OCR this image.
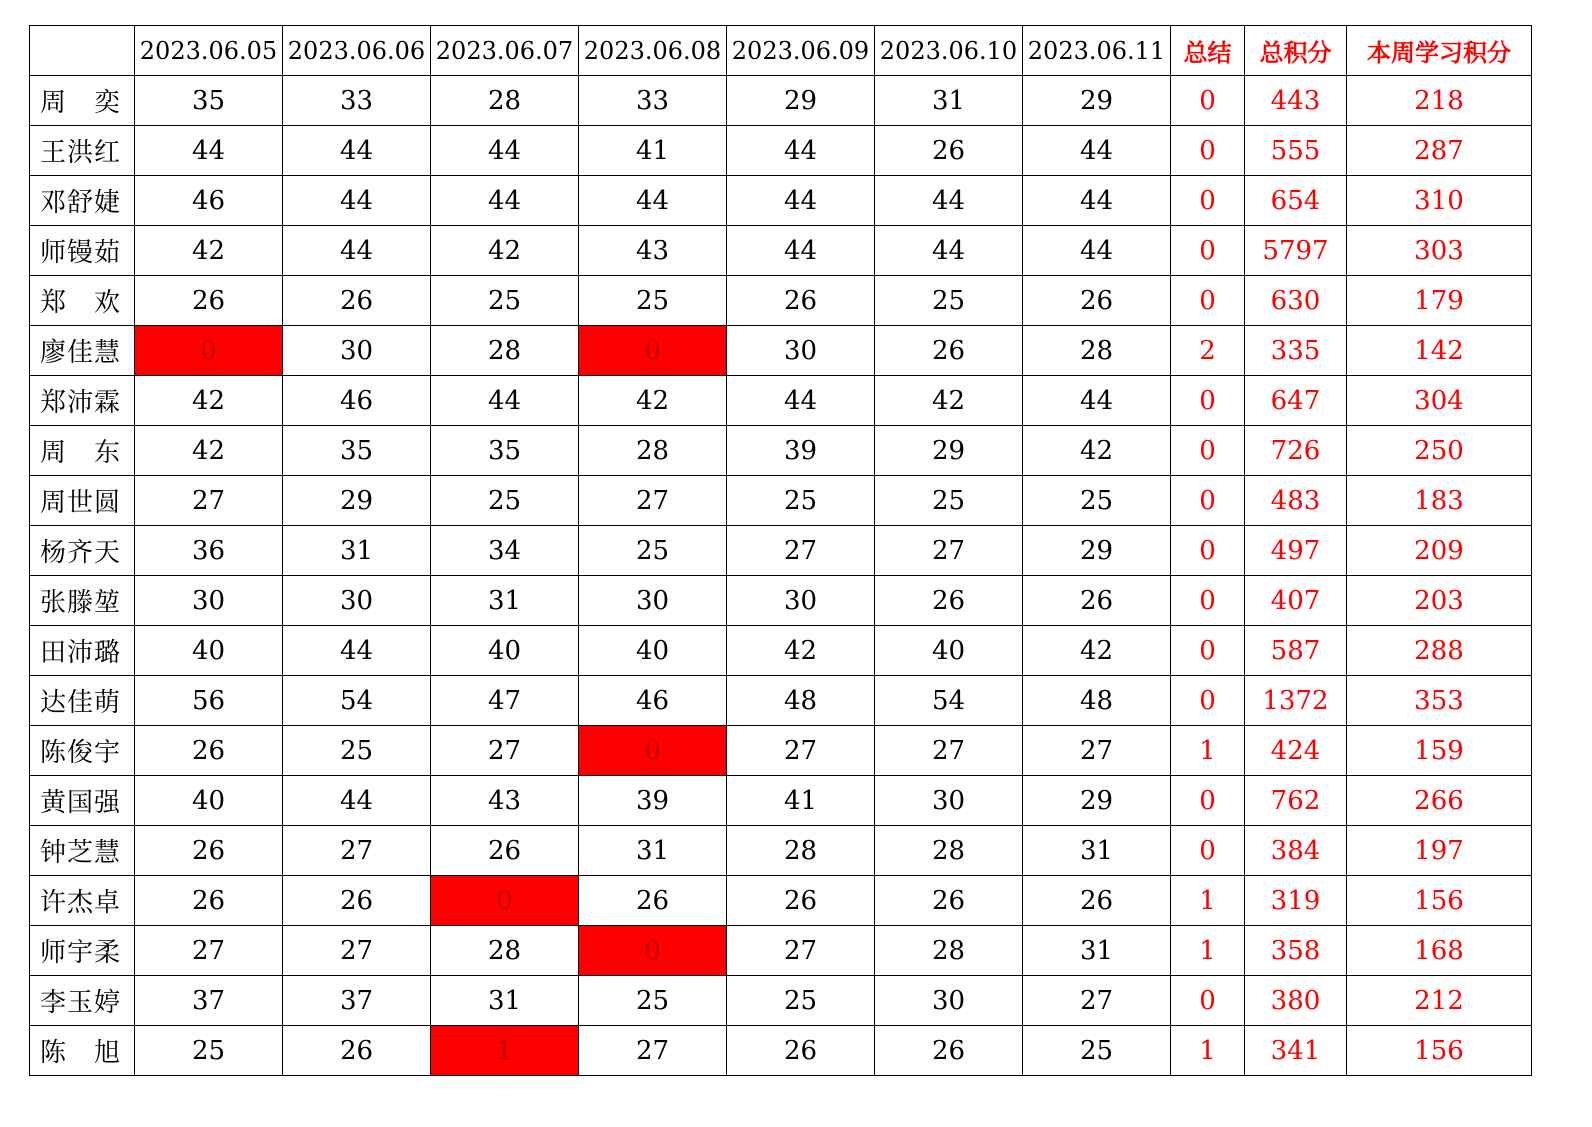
	2023.06.05	2023.06.06	2023.06.07	2023.06.08	2023.06.09	2023.06.10	2023.06.11	总结	总积分	本周学习积分
周　奕	35	33	28	33	29	31	29	0	443	218
王洪红	44	44	44	41	44	26	44	0	555	287
邓舒婕	46	44	44	44	44	44	44	0	654	310
师镘茹	42	44	42	43	44	44	44	0	5797	303
郑　欢	26	26	25	25	26	25	26	0	630	179
廖佳慧	0	30	28	0	30	26	28	2	335	142
郑沛霖	42	46	44	42	44	42	44	0	647	304
周　东	42	35	35	28	39	29	42	0	726	250
周世圆	27	29	25	27	25	25	25	0	483	183
杨齐天	36	31	34	25	27	27	29	0	497	209
张滕堃	30	30	31	30	30	26	26	0	407	203
田沛璐	40	44	40	40	42	40	42	0	587	288
达佳萌	56	54	47	46	48	54	48	0	1372	353
陈俊宇	26	25	27	0	27	27	27	1	424	159
黄国强	40	44	43	39	41	30	29	0	762	266
钟芝慧	26	27	26	31	28	28	31	0	384	197
许杰卓	26	26	0	26	26	26	26	1	319	156
师宇柔	27	27	28	0	27	28	31	1	358	168
李玉婷	37	37	31	25	25	30	27	0	380	212
陈　旭	25	26	1	27	26	26	25	1	341	156
